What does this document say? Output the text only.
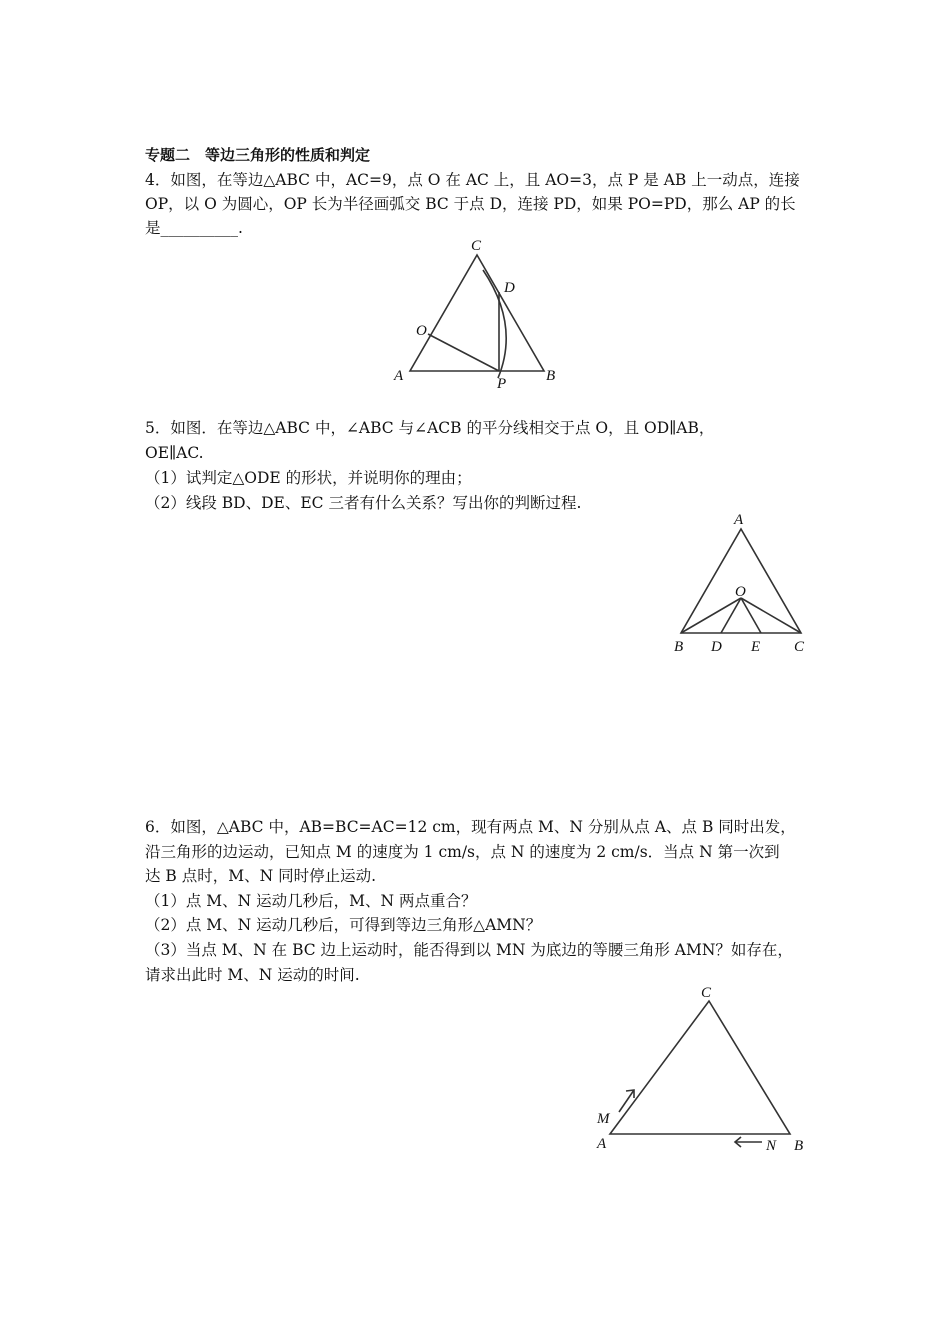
专题二　等边三角形的性质和判定
4．如图，在等边△ABC 中，AC=9，点 O 在 AC 上，且 AO=3，点 P 是 AB 上一动点，连接
OP，以 O 为圆心，OP 长为半径画弧交 BC 于点 D，连接 PD，如果 PO=PD，那么 AP 的长
是__________.
C
D
O
A	P	B
5．如图．在等边△ABC 中，∠ABC 与∠ACB 的平分线相交于点 O，且 OD∥AB，
OE∥AC.
（1）试判定△ODE 的形状，并说明你的理由；
（2）线段 BD、DE、EC 三者有什么关系？写出你的判断过程.
A
O
B D E C
6．如图，△ABC 中，AB=BC=AC=12 cm，现有两点 M、N 分别从点 A、点 B 同时出发，
沿三角形的边运动，已知点 M 的速度为 1 cm/s，点 N 的速度为 2 cm/s．当点 N 第一次到
达 B 点时，M、N 同时停止运动.
（1）点 M、N 运动几秒后，M、N 两点重合？
（2）点 M、N 运动几秒后，可得到等边三角形△AMN？
（3）当点 M、N 在 BC 边上运动时，能否得到以 MN 为底边的等腰三角形 AMN？如存在，
请求出此时 M、N 运动的时间.
C
M
A	N B
